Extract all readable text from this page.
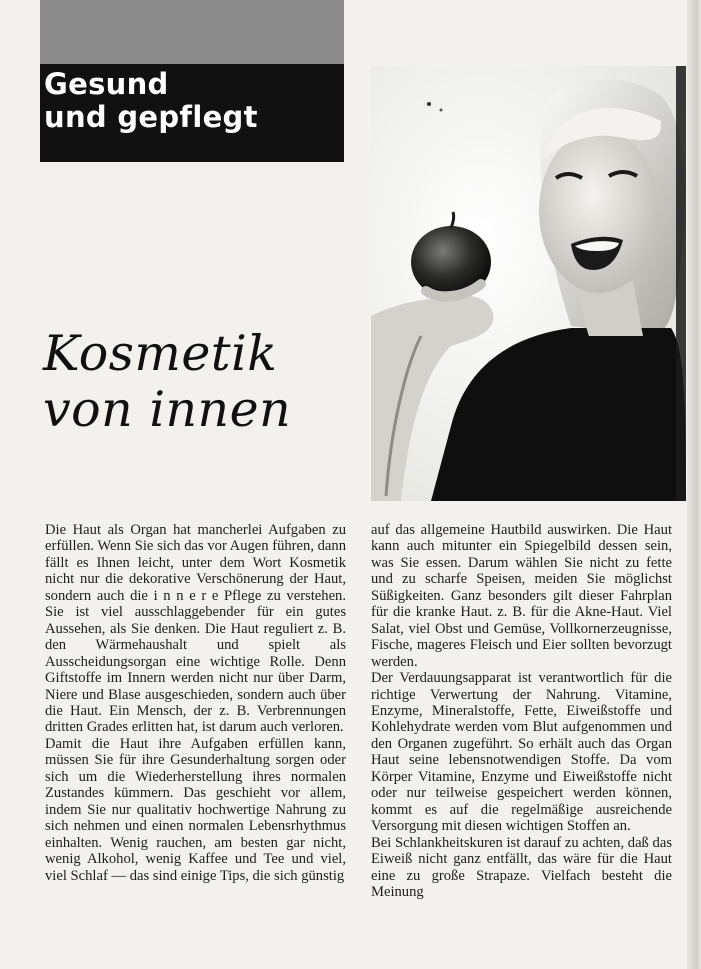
Gesund
und gepflegt
Kosmetik
von innen

Die Haut als Organ hat mancherlei Aufgaben zu erfüllen. Wenn Sie sich das vor Augen führen, dann fällt es Ihnen leicht, unter dem Wort Kosmetik nicht nur die dekorative Verschönerung der Haut, sondern auch die i n n e r e Pflege zu verstehen. Sie ist viel ausschlaggebender für ein gutes Aussehen, als Sie denken. Die Haut reguliert z. B. den Wärmehaushalt und spielt als Ausscheidungsorgan eine wichtige Rolle. Denn Giftstoffe im Innern werden nicht nur über Darm, Niere und Blase ausgeschieden, sondern auch über die Haut. Ein Mensch, der z. B. Verbrennungen dritten Grades erlitten hat, ist darum auch verloren.

Damit die Haut ihre Aufgaben erfüllen kann, müssen Sie für ihre Gesunderhaltung sorgen oder sich um die Wiederherstellung ihres normalen Zustandes kümmern. Das geschieht vor allem, indem Sie nur qualitativ hochwertige Nahrung zu sich nehmen und einen normalen Lebensrhythmus einhalten. Wenig rauchen, am besten gar nicht, wenig Alkohol, wenig Kaffee und Tee und viel, viel Schlaf — das sind einige Tips, die sich günstig

auf das allgemeine Hautbild auswirken. Die Haut kann auch mitunter ein Spiegelbild dessen sein, was Sie essen. Darum wählen Sie nicht zu fette und zu scharfe Speisen, meiden Sie möglichst Süßigkeiten. Ganz besonders gilt dieser Fahrplan für die kranke Haut. z. B. für die Akne-Haut. Viel Salat, viel Obst und Gemüse, Vollkornerzeugnisse, Fische, mageres Fleisch und Eier sollten bevorzugt werden.

Der Verdauungsapparat ist verantwortlich für die richtige Verwertung der Nahrung. Vitamine, Enzyme, Mineralstoffe, Fette, Eiweißstoffe und Kohlehydrate werden vom Blut aufgenommen und den Organen zugeführt. So erhält auch das Organ Haut seine lebensnotwendigen Stoffe. Da vom Körper Vitamine, Enzyme und Eiweißstoffe nicht oder nur teilweise gespeichert werden können, kommt es auf die regelmäßige ausreichende Versorgung mit diesen wichtigen Stoffen an.

Bei Schlankheitskuren ist darauf zu achten, daß das Eiweiß nicht ganz entfällt, das wäre für die Haut eine zu große Strapaze. Vielfach besteht die Meinung
